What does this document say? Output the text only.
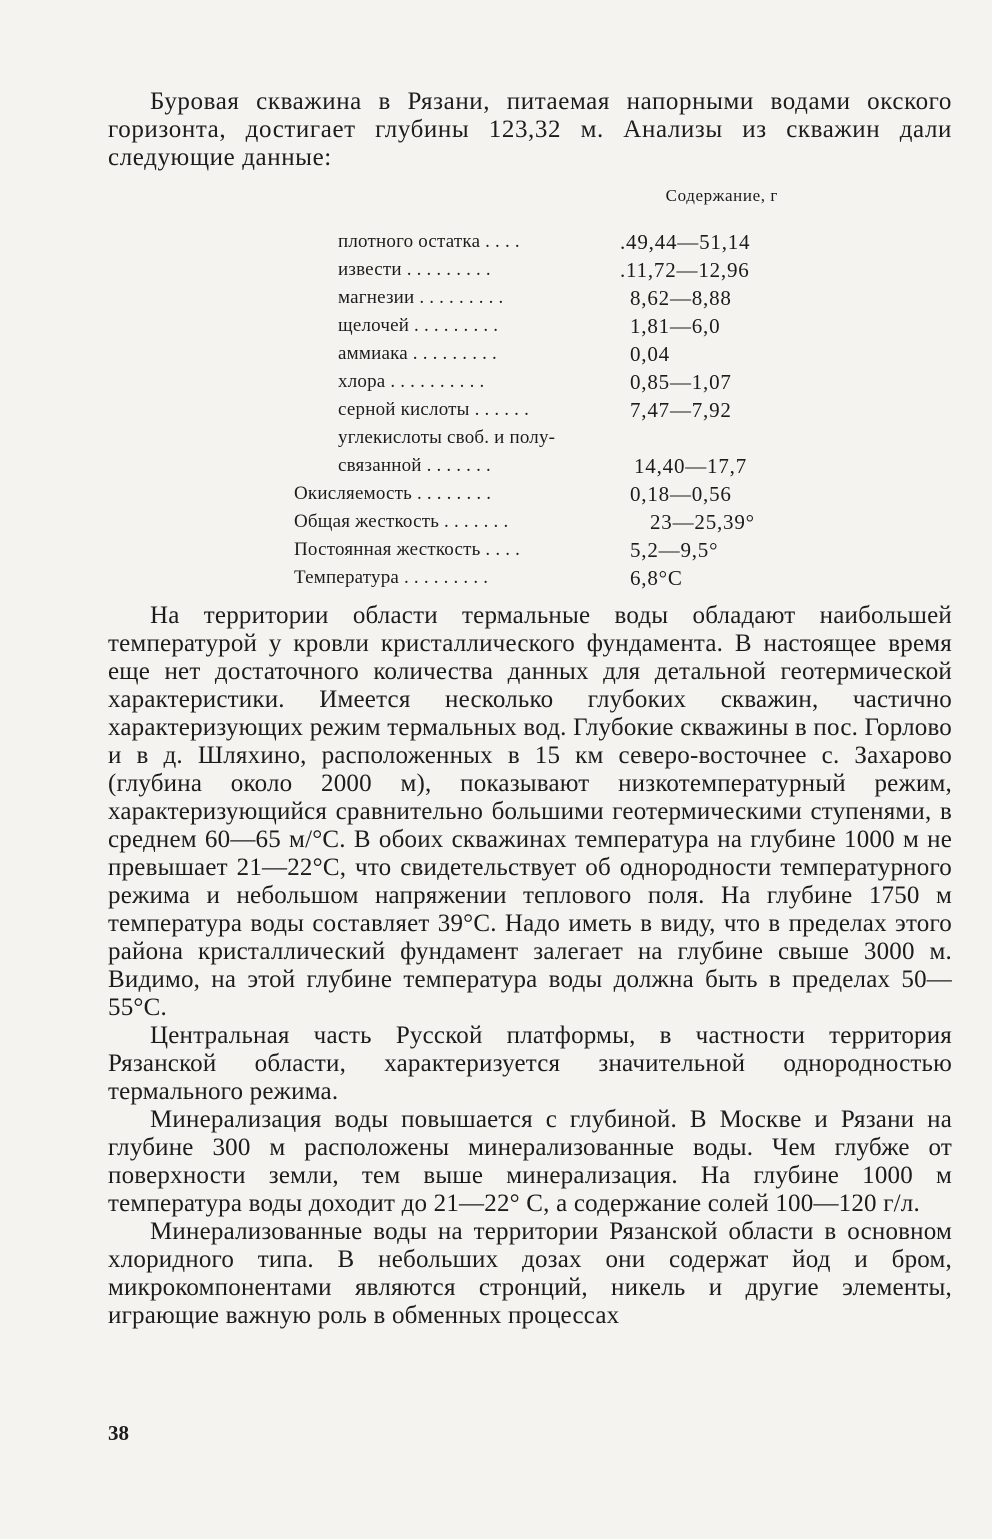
Буровая скважина в Рязани, питаемая напорными водами окского горизонта, достигает глубины 123,32 м. Анализы из скважин дали следующие данные:

Содержание, г
плотного остатка . . . .	.49,44—51,14
извести . . . . . . . . .	.11,72—12,96
магнезии . . . . . . . . .	8,62—8,88
щелочей . . . . . . . . .	1,81—6,0
аммиака . . . . . . . . .	0,04
хлора . . . . . . . . . .	0,85—1,07
серной кислоты . . . . . .	7,47—7,92
углекислоты своб. и полу-
связанной . . . . . . .	14,40—17,7
Окисляемость . . . . . . . .	0,18—0,56
Общая жесткость . . . . . . .	23—25,39°
Постоянная жесткость . . . .	5,2—9,5°
Температура . . . . . . . . .	6,8°С

На территории области термальные воды обладают наибольшей температурой у кровли кристаллического фундамента. В настоящее время еще нет достаточного количества данных для детальной геотермической характеристики. Имеется несколько глубоких скважин, частично характеризующих режим термальных вод. Глубокие скважины в пос. Горлово и в д. Шляхино, расположенных в 15 км северо-восточнее с. Захарово (глубина около 2000 м), показывают низкотемпературный режим, характеризующийся сравнительно большими геотермическими ступенями, в среднем 60—65 м/°С. В обоих скважинах температура на глубине 1000 м не превышает 21—22°С, что свидетельствует об однородности температурного режима и небольшом напряжении теплового поля. На глубине 1750 м температура воды составляет 39°С. Надо иметь в виду, что в пределах этого района кристаллический фундамент залегает на глубине свыше 3000 м. Видимо, на этой глубине температура воды должна быть в пределах 50—55°С.

Центральная часть Русской платформы, в частности территория Рязанской области, характеризуется значительной однородностью термального режима.

Минерализация воды повышается с глубиной. В Москве и Рязани на глубине 300 м расположены минерализованные воды. Чем глубже от поверхности земли, тем выше минерализация. На глубине 1000 м температура воды доходит до 21—22° С, а содержание солей 100—120 г/л.

Минерализованные воды на территории Рязанской области в основном хлоридного типа. В небольших дозах они содержат йод и бром, микрокомпонентами являются стронций, никель и другие элементы, играющие важную роль в обменных процессах

38
